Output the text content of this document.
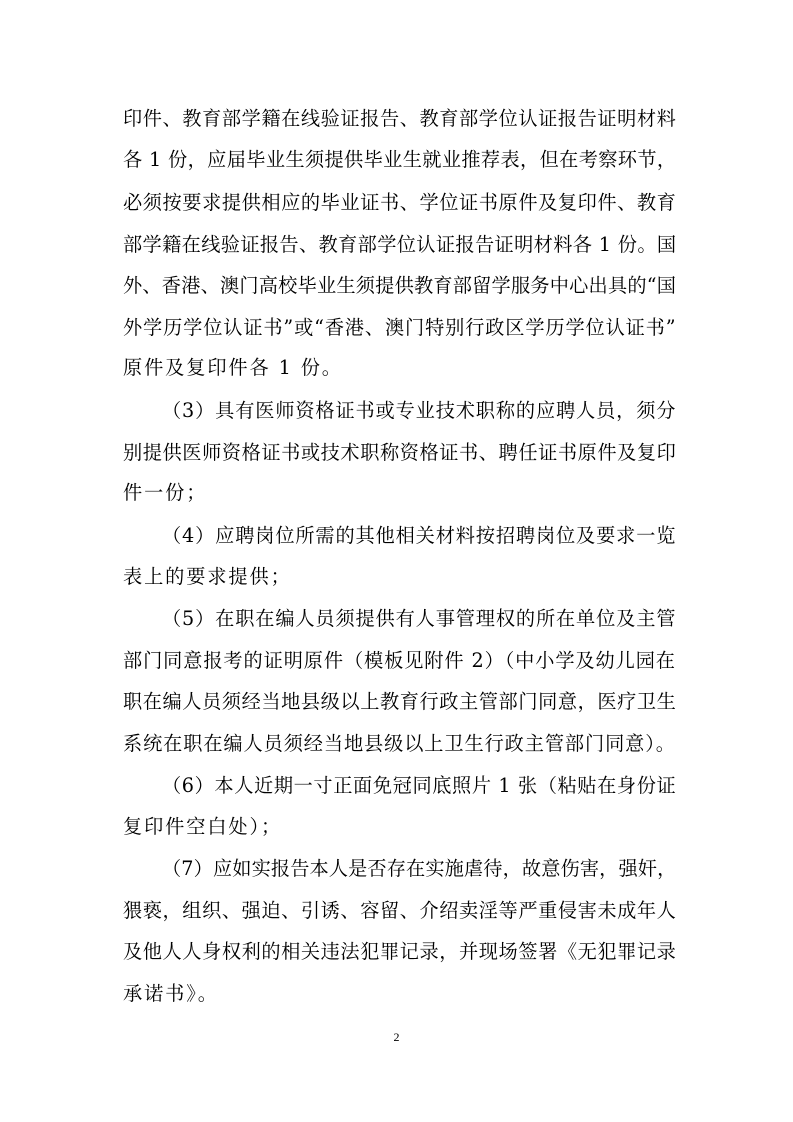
印件、教育部学籍在线验证报告、教育部学位认证报告证明材料
各 1 份，应届毕业生须提供毕业生就业推荐表，但在考察环节，
必须按要求提供相应的毕业证书、学位证书原件及复印件、教育
部学籍在线验证报告、教育部学位认证报告证明材料各 1 份。国
外、香港、澳门高校毕业生须提供教育部留学服务中心出具的“国
外学历学位认证书”或“香港、澳门特别行政区学历学位认证书”
原件及复印件各 1 份。
（3）具有医师资格证书或专业技术职称的应聘人员，须分
别提供医师资格证书或技术职称资格证书、聘任证书原件及复印
件一份；
（4）应聘岗位所需的其他相关材料按招聘岗位及要求一览
表上的要求提供；
（5）在职在编人员须提供有人事管理权的所在单位及主管
部门同意报考的证明原件（模板见附件 2）（中小学及幼儿园在
职在编人员须经当地县级以上教育行政主管部门同意，医疗卫生
系统在职在编人员须经当地县级以上卫生行政主管部门同意）。
（6）本人近期一寸正面免冠同底照片 1 张（粘贴在身份证
复印件空白处）；
（7）应如实报告本人是否存在实施虐待，故意伤害，强奸，
猥亵，组织、强迫、引诱、容留、介绍卖淫等严重侵害未成年人
及他人人身权利的相关违法犯罪记录，并现场签署《无犯罪记录
承诺书》。
2
